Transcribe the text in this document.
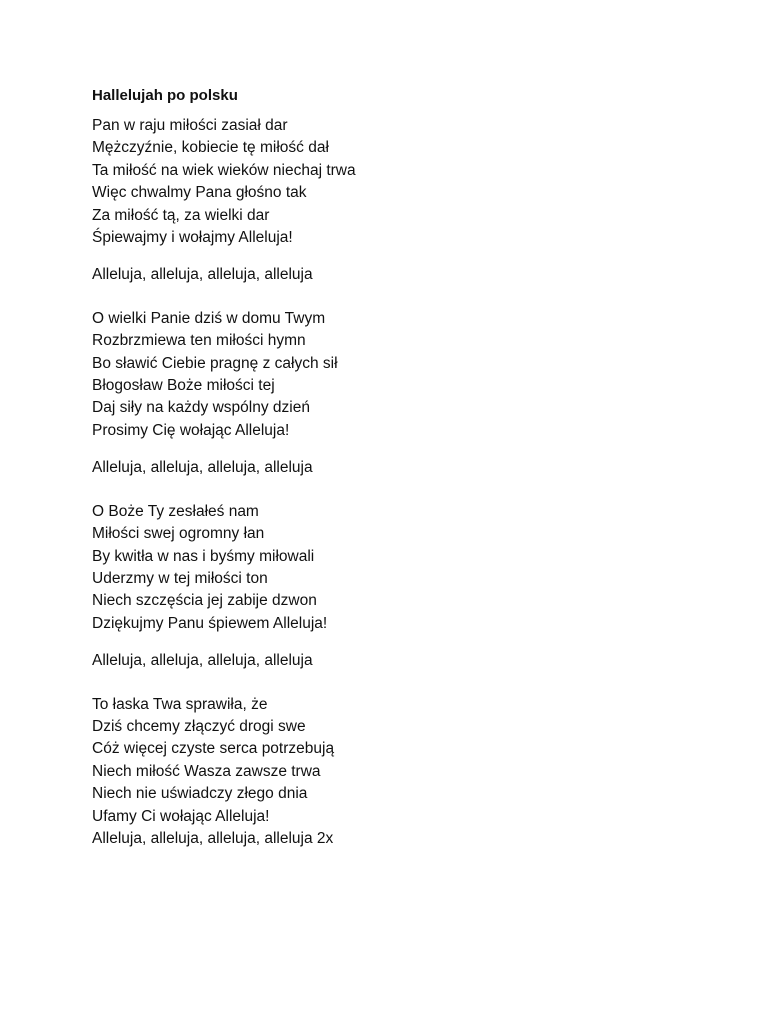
Hallelujah po polsku
Pan w raju miłości zasiał dar
Mężczyźnie, kobiecie tę miłość dał
Ta miłość na wiek wieków niechaj trwa
Więc chwalmy Pana głośno tak
Za miłość tą, za wielki dar
Śpiewajmy i wołajmy Alleluja!
Alleluja, alleluja, alleluja, alleluja
O wielki Panie dziś w domu Twym
Rozbrzmiewa ten miłości hymn
Bo sławić Ciebie pragnę z całych sił
Błogosław Boże miłości tej
Daj siły na każdy wspólny dzień
Prosimy Cię wołając Alleluja!
Alleluja, alleluja, alleluja, alleluja
O Boże Ty zesłałeś nam
Miłości swej ogromny łan
By kwitła w nas i byśmy miłowali
Uderzmy w tej miłości ton
Niech szczęścia jej zabije dzwon
Dziękujmy Panu śpiewem Alleluja!
Alleluja, alleluja, alleluja, alleluja
To łaska Twa sprawiła, że
Dziś chcemy złączyć drogi swe
Cóż więcej czyste serca potrzebują
Niech miłość Wasza zawsze trwa
Niech nie uświadczy złego dnia
Ufamy Ci wołając Alleluja!
Alleluja, alleluja, alleluja, alleluja 2x
